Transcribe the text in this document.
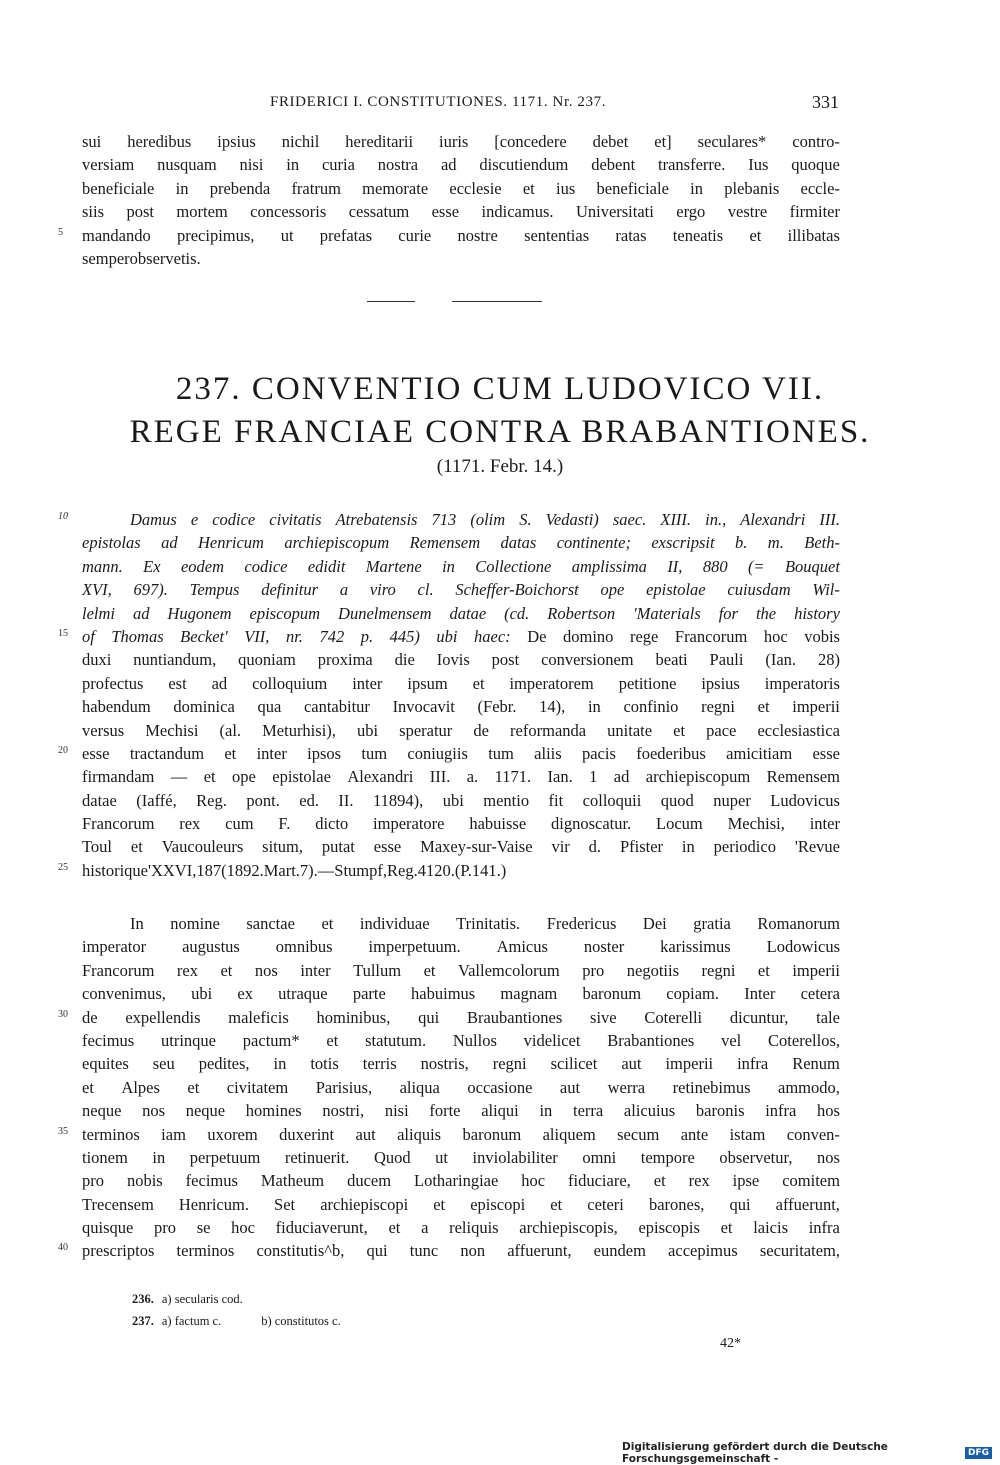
FRIDERICI I. CONSTITUTIONES. 1171. Nr. 237.	331
sui heredibus ipsius nichil hereditarii iuris [concedere debet et] seculares* contro-
versiam nusquam nisi in curia nostra ad discutiendum debent transferre. Ius quoque
beneficiale in prebenda fratrum memorate ecclesie et ius beneficiale in plebanis eccle-
siis post mortem concessoris cessatum esse indicamus. Universitati ergo vestre firmiter
mandando precipimus, ut prefatas curie nostre sententias ratas teneatis et illibatas
5
semper observetis.
237. CONVENTIO CUM LUDOVICO VII.
REGE FRANCIAE CONTRA BRABANTIONES.
(1171. Febr. 14.)
Damus e codice civitatis Atrebatensis 713 (olim S. Vedasti) saec. XIII. in., Alexandri III.
10
epistolas ad Henricum archiepiscopum Remensem datas continente; exscripsit b. m. Beth-
mann. Ex eodem codice edidit Martene in Collectione amplissima II, 880 (= Bouquet
XVI, 697). Tempus definitur a viro cl. Scheffer-Boichorst ope epistolae cuiusdam Wil-
lelmi ad Hugonem episcopum Dunelmensem datae (cd. Robertson 'Materials for the history
of Thomas Becket' VII, nr. 742 p. 445) ubi haec: De domino rege Francorum hoc vobis
15
duxi nuntiandum, quoniam proxima die Iovis post conversionem beati Pauli (Ian. 28)
profectus est ad colloquium inter ipsum et imperatorem petitione ipsius imperatoris
habendum dominica qua cantabitur Invocavit (Febr. 14), in confinio regni et imperii
versus Mechisi (al. Meturhisi), ubi speratur de reformanda unitate et pace ecclesiastica
esse tractandum et inter ipsos tum coniugiis tum aliis pacis foederibus amicitiam esse
20
firmandam — et ope epistolae Alexandri III. a. 1171. Ian. 1 ad archiepiscopum Remensem
datae (Iaffé, Reg. pont. ed. II. 11894), ubi mentio fit colloquii quod nuper Ludovicus
Francorum rex cum F. dicto imperatore habuisse dignoscatur. Locum Mechisi, inter
Toul et Vaucouleurs situm, putat esse Maxey-sur-Vaise vir d. Pfister in periodico 'Revue
historique' XXVI, 187 (1892. Mart. 7). — Stumpf, Reg. 4120. (P. 141.)
25
In nomine sanctae et individuae Trinitatis. Fredericus Dei gratia Romanorum
imperator augustus omnibus imperpetuum. Amicus noster karissimus Lodowicus
Francorum rex et nos inter Tullum et Vallemcolorum pro negotiis regni et imperii
convenimus, ubi ex utraque parte habuimus magnam baronum copiam. Inter cetera
de expellendis maleficis hominibus, qui Braubantiones sive Coterelli dicuntur, tale
30
fecimus utrinque pactum* et statutum. Nullos videlicet Brabantiones vel Coterellos,
equites seu pedites, in totis terris nostris, regni scilicet aut imperii infra Renum
et Alpes et civitatem Parisius, aliqua occasione aut werra retinebimus ammodo,
neque nos neque homines nostri, nisi forte aliqui in terra alicuius baronis infra hos
terminos iam uxorem duxerint aut aliquis baronum aliquem secum ante istam conven-
35
tionem in perpetuum retinuerit. Quod ut inviolabiliter omni tempore observetur, nos
pro nobis fecimus Matheum ducem Lotharingiae hoc fiduciare, et rex ipse comitem
Trecensem Henricum. Set archiepiscopi et episcopi et ceteri barones, qui affuerunt,
quisque pro se hoc fiduciaverunt, et a reliquis archiepiscopis, episcopis et laicis infra
prescriptos terminos constitutis^b, qui tunc non affuerunt, eundem accepimus securitatem,
40
236. a) secularis cod.
237. a) factum c.	b) constitutos c.
42*
Digitalisierung gefördert durch die Deutsche Forschungsgemeinschaft -	DFG
